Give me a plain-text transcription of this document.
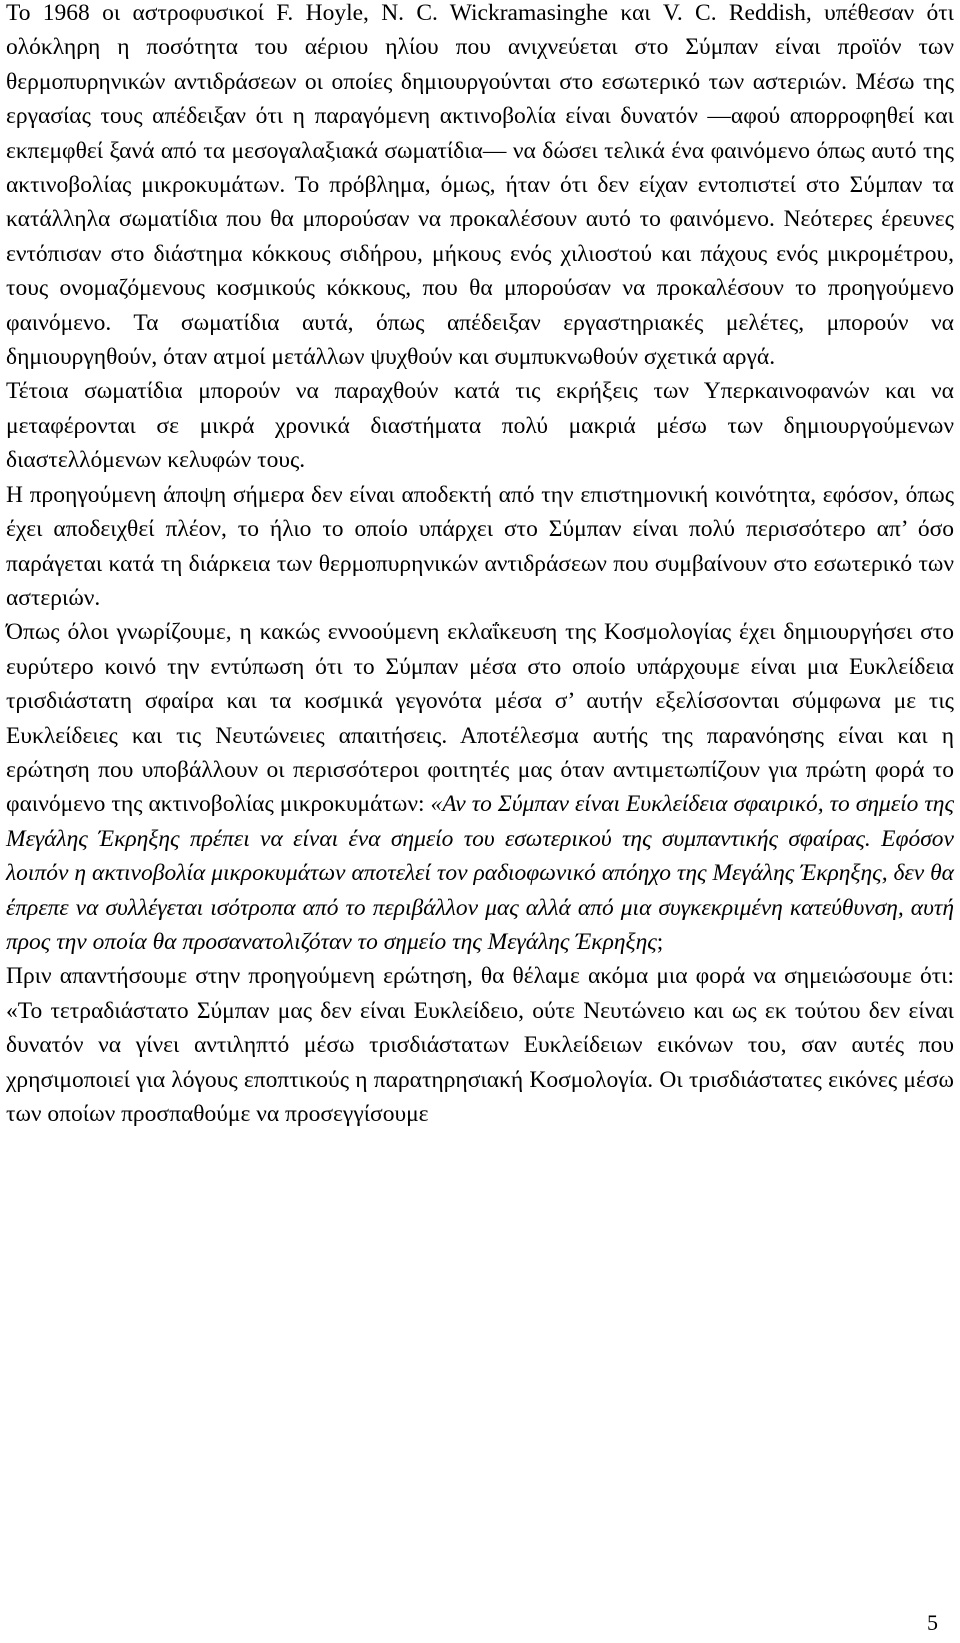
Το 1968 οι αστροφυσικοί F. Hoyle, N. C. Wickramasinghe και V. C. Reddish, υπέθεσαν ότι ολόκληρη η ποσότητα του αέριου ηλίου που ανιχνεύεται στο Σύμπαν είναι προϊόν των θερμοπυρηνικών αντιδράσεων οι οποίες δημιουργούνται στο εσωτερικό των αστεριών. Μέσω της εργασίας τους απέδειξαν ότι η παραγόμενη ακτινοβολία είναι δυνατόν —αφού απορροφηθεί και εκπεμφθεί ξανά από τα μεσογαλαξιακά σωματίδια— να δώσει τελικά ένα φαινόμενο όπως αυτό της ακτινοβολίας μικροκυμάτων. Το πρόβλημα, όμως, ήταν ότι δεν είχαν εντοπιστεί στο Σύμπαν τα κατάλληλα σωματίδια που θα μπορούσαν να προκαλέσουν αυτό το φαινόμενο. Νεότερες έρευνες εντόπισαν στο διάστημα κόκκους σιδήρου, μήκους ενός χιλιοστού και πάχους ενός μικρομέτρου, τους ονομαζόμενους κοσμικούς κόκκους, που θα μπορούσαν να προκαλέσουν το προηγούμενο φαινόμενο. Τα σωματίδια αυτά, όπως απέδειξαν εργαστηριακές μελέτες, μπορούν να δημιουργηθούν, όταν ατμοί μετάλλων ψυχθούν και συμπυκνωθούν σχετικά αργά.

Τέτοια σωματίδια μπορούν να παραχθούν κατά τις εκρήξεις των Υπερκαινοφανών και να μεταφέρονται σε μικρά χρονικά διαστήματα πολύ μακριά μέσω των δημιουργούμενων διαστελλόμενων κελυφών τους.

Η προηγούμενη άποψη σήμερα δεν είναι αποδεκτή από την επιστημονική κοινότητα, εφόσον, όπως έχει αποδειχθεί πλέον, το ήλιο το οποίο υπάρχει στο Σύμπαν είναι πολύ περισσότερο απ’ όσο παράγεται κατά τη διάρκεια των θερμοπυρηνικών αντιδράσεων που συμβαίνουν στο εσωτερικό των αστεριών.

Όπως όλοι γνωρίζουμε, η κακώς εννοούμενη εκλαΐκευση της Κοσμολογίας έχει δημιουργήσει στο ευρύτερο κοινό την εντύπωση ότι το Σύμπαν μέσα στο οποίο υπάρχουμε είναι μια Ευκλείδεια τρισδιάστατη σφαίρα και τα κοσμικά γεγονότα μέσα σ’ αυτήν εξελίσσονται σύμφωνα με τις Ευκλείδειες και τις Νευτώνειες απαιτήσεις. Αποτέλεσμα αυτής της παρανόησης είναι και η ερώτηση που υποβάλλουν οι περισσότεροι φοιτητές μας όταν αντιμετωπίζουν για πρώτη φορά το φαινόμενο της ακτινοβολίας μικροκυμάτων: «Αν το Σύμπαν είναι Ευκλείδεια σφαιρικό, το σημείο της Μεγάλης Έκρηξης πρέπει να είναι ένα σημείο του εσωτερικού της συμπαντικής σφαίρας. Εφόσον λοιπόν η ακτινοβολία μικροκυμάτων αποτελεί τον ραδιοφωνικό απόηχο της Μεγάλης Έκρηξης, δεν θα έπρεπε να συλλέγεται ισότροπα από το περιβάλλον μας αλλά από μια συγκεκριμένη κατεύθυνση, αυτή προς την οποία θα προσανατολιζόταν το σημείο της Μεγάλης Έκρηξης;

Πριν απαντήσουμε στην προηγούμενη ερώτηση, θα θέλαμε ακόμα μια φορά να σημειώσουμε ότι: «Το τετραδιάστατο Σύμπαν μας δεν είναι Ευκλείδειο, ούτε Νευτώνειο και ως εκ τούτου δεν είναι δυνατόν να γίνει αντιληπτό μέσω τρισδιάστατων Ευκλείδειων εικόνων του, σαν αυτές που χρησιμοποιεί για λόγους εποπτικούς η παρατηρησιακή Κοσμολογία. Οι τρισδιάστατες εικόνες μέσω των οποίων προσπαθούμε να προσεγγίσουμε

5
